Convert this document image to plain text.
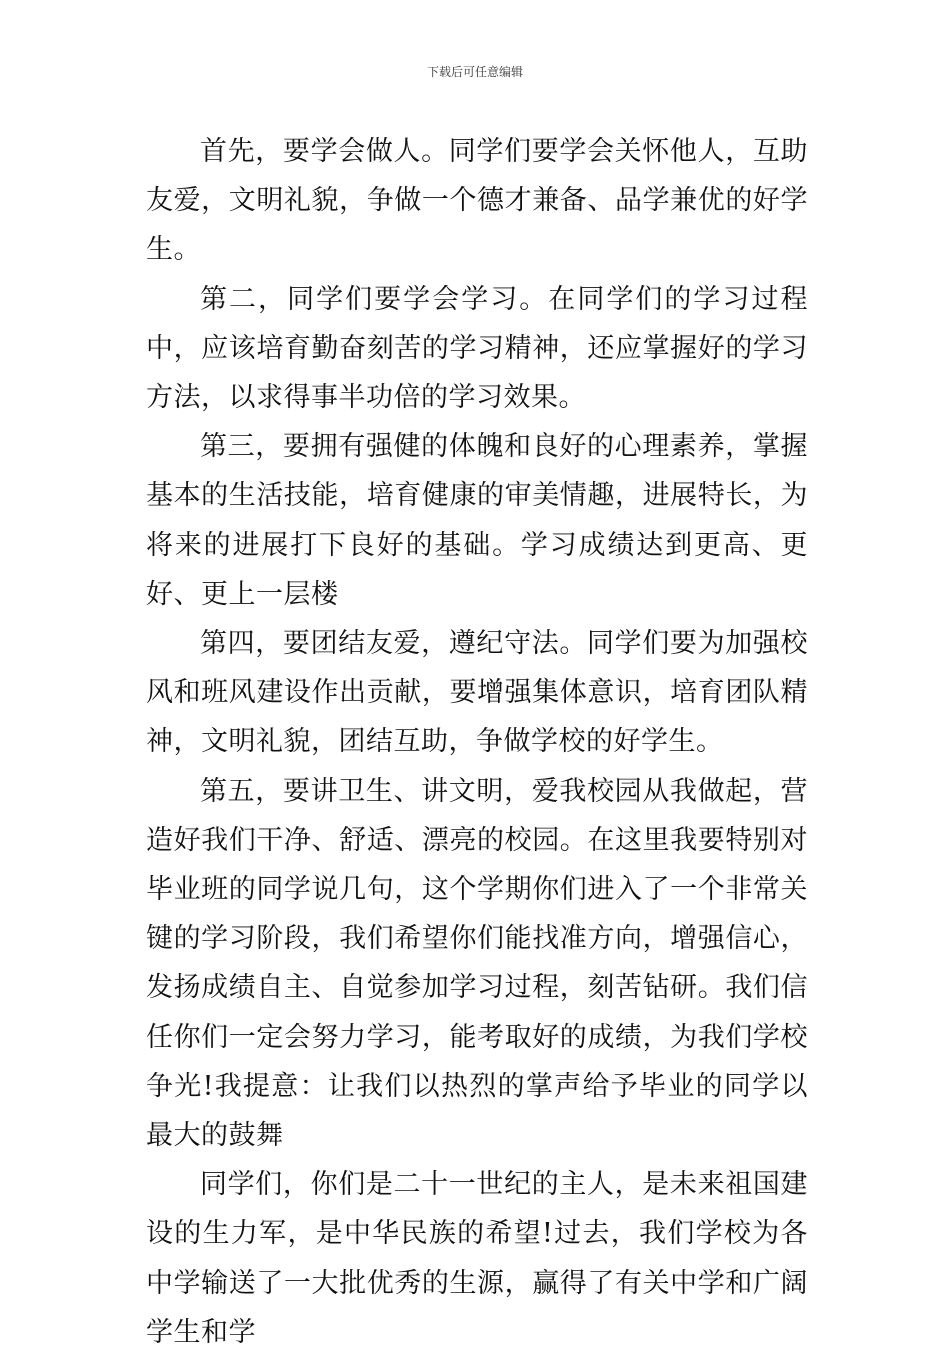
下载后可任意编辑

首先，要学会做人。同学们要学会关怀他人，互助友爱，文明礼貌，争做一个德才兼备、品学兼优的好学生。

第二，同学们要学会学习。在同学们的学习过程中，应该培育勤奋刻苦的学习精神，还应掌握好的学习方法，以求得事半功倍的学习效果。

第三，要拥有强健的体魄和良好的心理素养，掌握基本的生活技能，培育健康的审美情趣，进展特长，为将来的进展打下良好的基础。学习成绩达到更高、更好、更上一层楼

第四，要团结友爱，遵纪守法。同学们要为加强校风和班风建设作出贡献，要增强集体意识，培育团队精神，文明礼貌，团结互助，争做学校的好学生。

第五，要讲卫生、讲文明，爱我校园从我做起，营造好我们干净、舒适、漂亮的校园。在这里我要特别对毕业班的同学说几句，这个学期你们进入了一个非常关键的学习阶段，我们希望你们能找准方向，增强信心，发扬成绩自主、自觉参加学习过程，刻苦钻研。我们信任你们一定会努力学习，能考取好的成绩，为我们学校争光!我提意：让我们以热烈的掌声给予毕业的同学以最大的鼓舞

同学们，你们是二十一世纪的主人，是未来祖国建设的生力军，是中华民族的希望!过去，我们学校为各中学输送了一大批优秀的生源，赢得了有关中学和广阔学生和学
